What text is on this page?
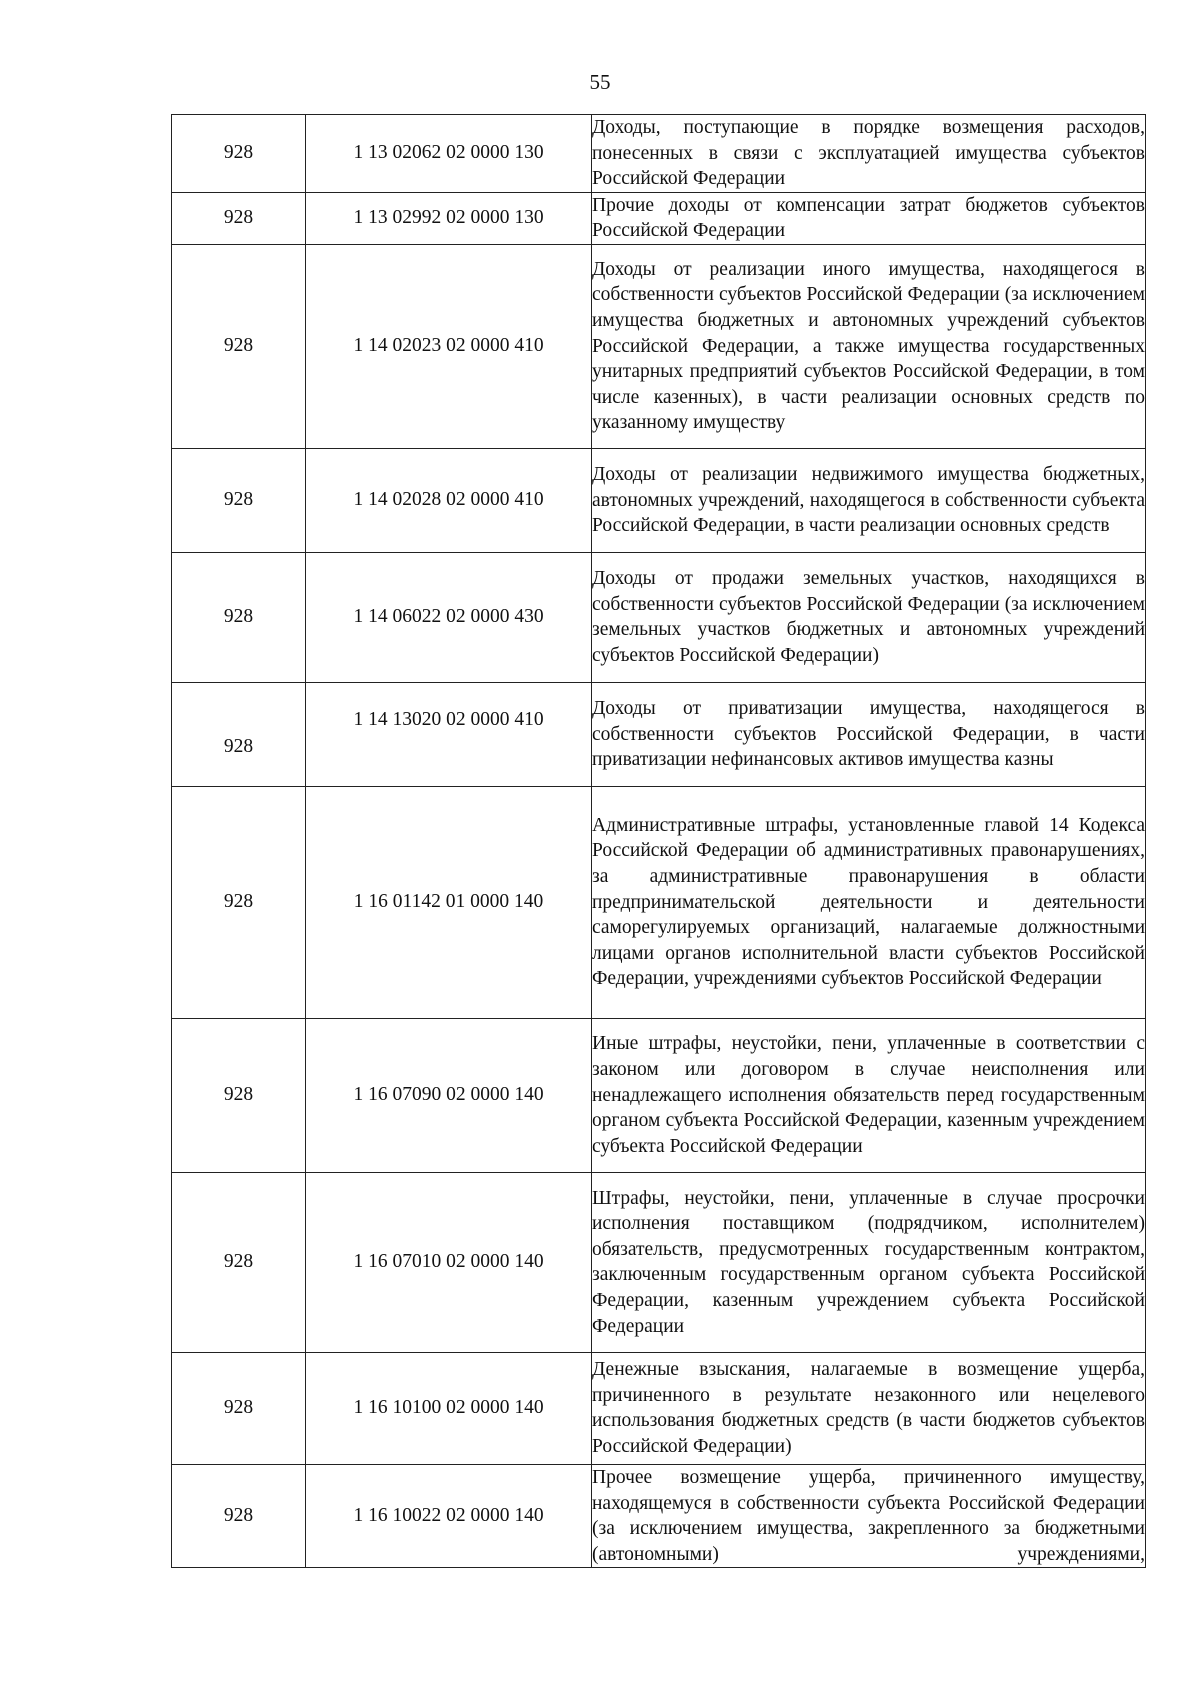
55
928	1 13 02062 02 0000 130	Доходы, поступающие в порядке возмещения расходов, понесенных в связи с эксплуатацией имущества субъектов Российской Федерации
928	1 13 02992 02 0000 130	Прочие доходы от компенсации затрат бюджетов субъектов Российской Федерации
928	1 14 02023 02 0000 410	Доходы от реализации иного имущества, находящегося в собственности субъектов Российской Федерации (за исключением имущества бюджетных и автономных учреждений субъектов Российской Федерации, а также имущества государственных унитарных предприятий субъектов Российской Федерации, в том числе казенных), в части реализации основных средств по указанному имуществу
928	1 14 02028 02 0000 410	Доходы от реализации недвижимого имущества бюджетных, автономных учреждений, находящегося в собственности субъекта Российской Федерации, в части реализации основных средств
928	1 14 06022 02 0000 430	Доходы от продажи земельных участков, находящихся в собственности субъектов Российской Федерации (за исключением земельных участков бюджетных и автономных учреждений субъектов Российской Федерации)
928	1 14 13020 02 0000 410	Доходы от приватизации имущества, находящегося в собственности субъектов Российской Федерации, в части приватизации нефинансовых активов имущества казны
928	1 16 01142 01 0000 140	Административные штрафы, установленные главой 14 Кодекса Российской Федерации об административных правонарушениях, за административные правонарушения в области предпринимательской деятельности и деятельности саморегулируемых организаций, налагаемые должностными лицами органов исполнительной власти субъектов Российской Федерации, учреждениями субъектов Российской Федерации
928	1 16 07090 02 0000 140	Иные штрафы, неустойки, пени, уплаченные в соответствии с законом или договором в случае неисполнения или ненадлежащего исполнения обязательств перед государственным органом субъекта Российской Федерации, казенным учреждением субъекта Российской Федерации
928	1 16 07010 02 0000 140	Штрафы, неустойки, пени, уплаченные в случае просрочки исполнения поставщиком (подрядчиком, исполнителем) обязательств, предусмотренных государственным контрактом, заключенным государственным органом субъекта Российской Федерации, казенным учреждением субъекта Российской Федерации
928	1 16 10100 02 0000 140	Денежные взыскания, налагаемые в возмещение ущерба, причиненного в результате незаконного или нецелевого использования бюджетных средств (в части бюджетов субъектов Российской Федерации)
928	1 16 10022 02 0000 140	Прочее возмещение ущерба, причиненного имуществу, находящемуся в собственности субъекта Российской Федерации (за исключением имущества, закрепленного за бюджетными (автономными) учреждениями,
